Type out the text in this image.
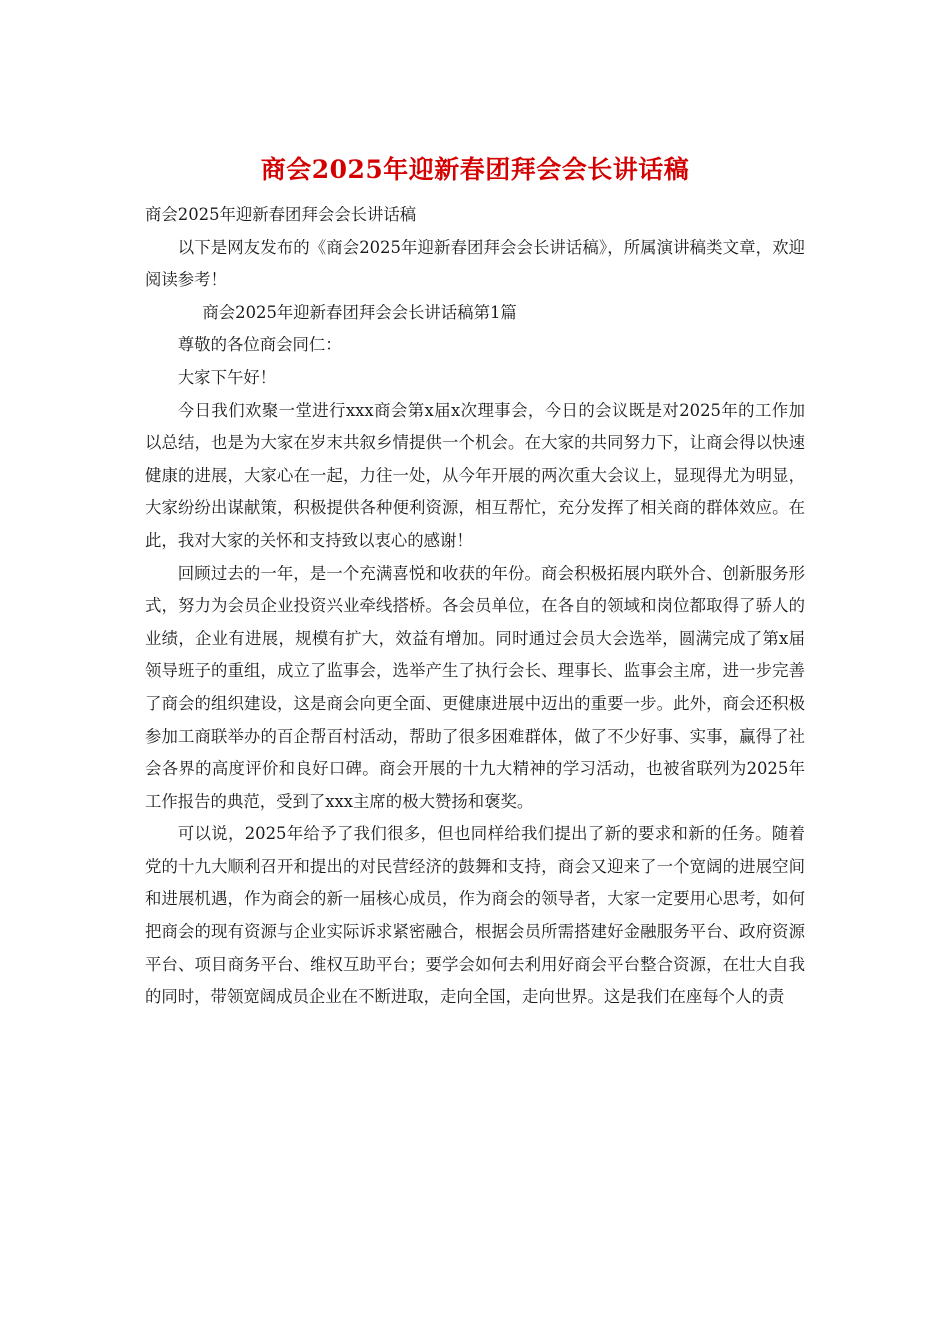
商会2025年迎新春团拜会会长讲话稿

商会2025年迎新春团拜会会长讲话稿

以下是网友发布的《商会2025年迎新春团拜会会长讲话稿》，所属演讲稿类文章，欢迎阅读参考！

商会2025年迎新春团拜会会长讲话稿第1篇

尊敬的各位商会同仁：

大家下午好！

今日我们欢聚一堂进行xxx商会第x届x次理事会，今日的会议既是对2025年的工作加以总结，也是为大家在岁末共叙乡情提供一个机会。在大家的共同努力下，让商会得以快速健康的进展，大家心在一起，力往一处，从今年开展的两次重大会议上，显现得尤为明显，大家纷纷出谋献策，积极提供各种便利资源，相互帮忙，充分发挥了相关商的群体效应。在此，我对大家的关怀和支持致以衷心的感谢！

回顾过去的一年，是一个充满喜悦和收获的年份。商会积极拓展内联外合、创新服务形式，努力为会员企业投资兴业牵线搭桥。各会员单位，在各自的领域和岗位都取得了骄人的业绩，企业有进展，规模有扩大，效益有增加。同时通过会员大会选举，圆满完成了第x届领导班子的重组，成立了监事会，选举产生了执行会长、理事长、监事会主席，进一步完善了商会的组织建设，这是商会向更全面、更健康进展中迈出的重要一步。此外，商会还积极参加工商联举办的百企帮百村活动，帮助了很多困难群体，做了不少好事、实事，赢得了社会各界的高度评价和良好口碑。商会开展的十九大精神的学习活动，也被省联列为2025年工作报告的典范，受到了xxx主席的极大赞扬和褒奖。

可以说，2025年给予了我们很多，但也同样给我们提出了新的要求和新的任务。随着党的十九大顺利召开和提出的对民营经济的鼓舞和支持，商会又迎来了一个宽阔的进展空间和进展机遇，作为商会的新一届核心成员，作为商会的领导者，大家一定要用心思考，如何把商会的现有资源与企业实际诉求紧密融合，根据会员所需搭建好金融服务平台、政府资源平台、项目商务平台、维权互助平台；要学会如何去利用好商会平台整合资源，在壮大自我的同时，带领宽阔成员企业在不断进取，走向全国，走向世界。这是我们在座每个人的责
